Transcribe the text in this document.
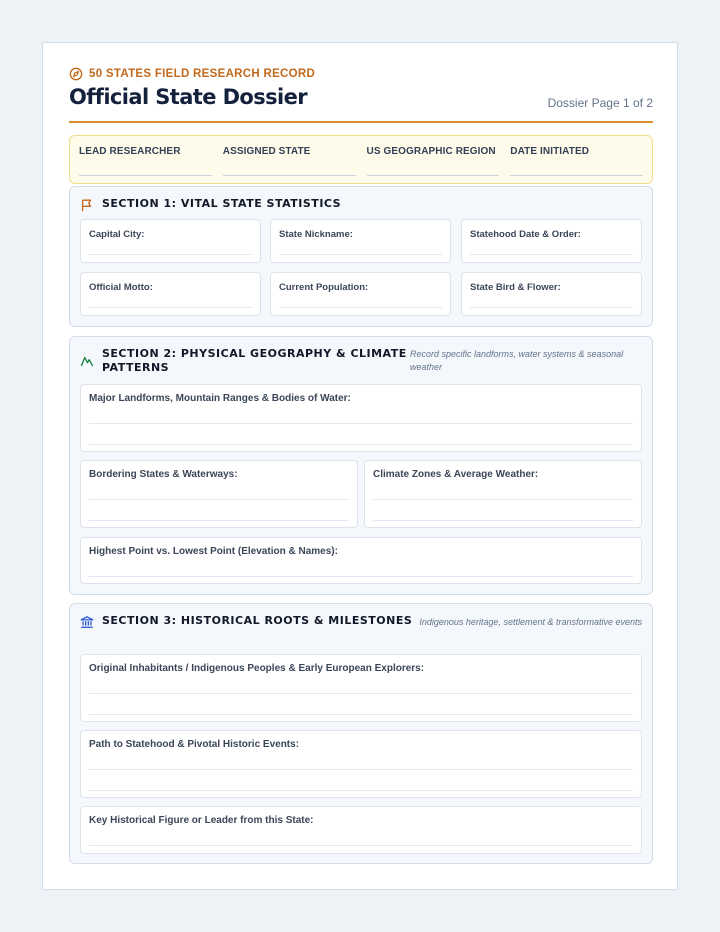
50 STATES FIELD RESEARCH RECORD
Official State Dossier	Dossier Page 1 of 2
LEAD RESEARCHER	ASSIGNED STATE	US GEOGRAPHIC REGION	DATE INITIATED
SECTION 1: VITAL STATE STATISTICS
Capital City:	State Nickname:	Statehood Date & Order:
Official Motto:	Current Population:	State Bird & Flower:
SECTION 2: PHYSICAL GEOGRAPHY & CLIMATE
PATTERNS
Record specific landforms, water systems & seasonal
weather
Major Landforms, Mountain Ranges & Bodies of Water:
Bordering States & Waterways:	Climate Zones & Average Weather:
Highest Point vs. Lowest Point (Elevation & Names):
SECTION 3: HISTORICAL ROOTS & MILESTONES Indigenous heritage, settlement & transformative events
Original Inhabitants / Indigenous Peoples & Early European Explorers:
Path to Statehood & Pivotal Historic Events:
Key Historical Figure or Leader from this State:
